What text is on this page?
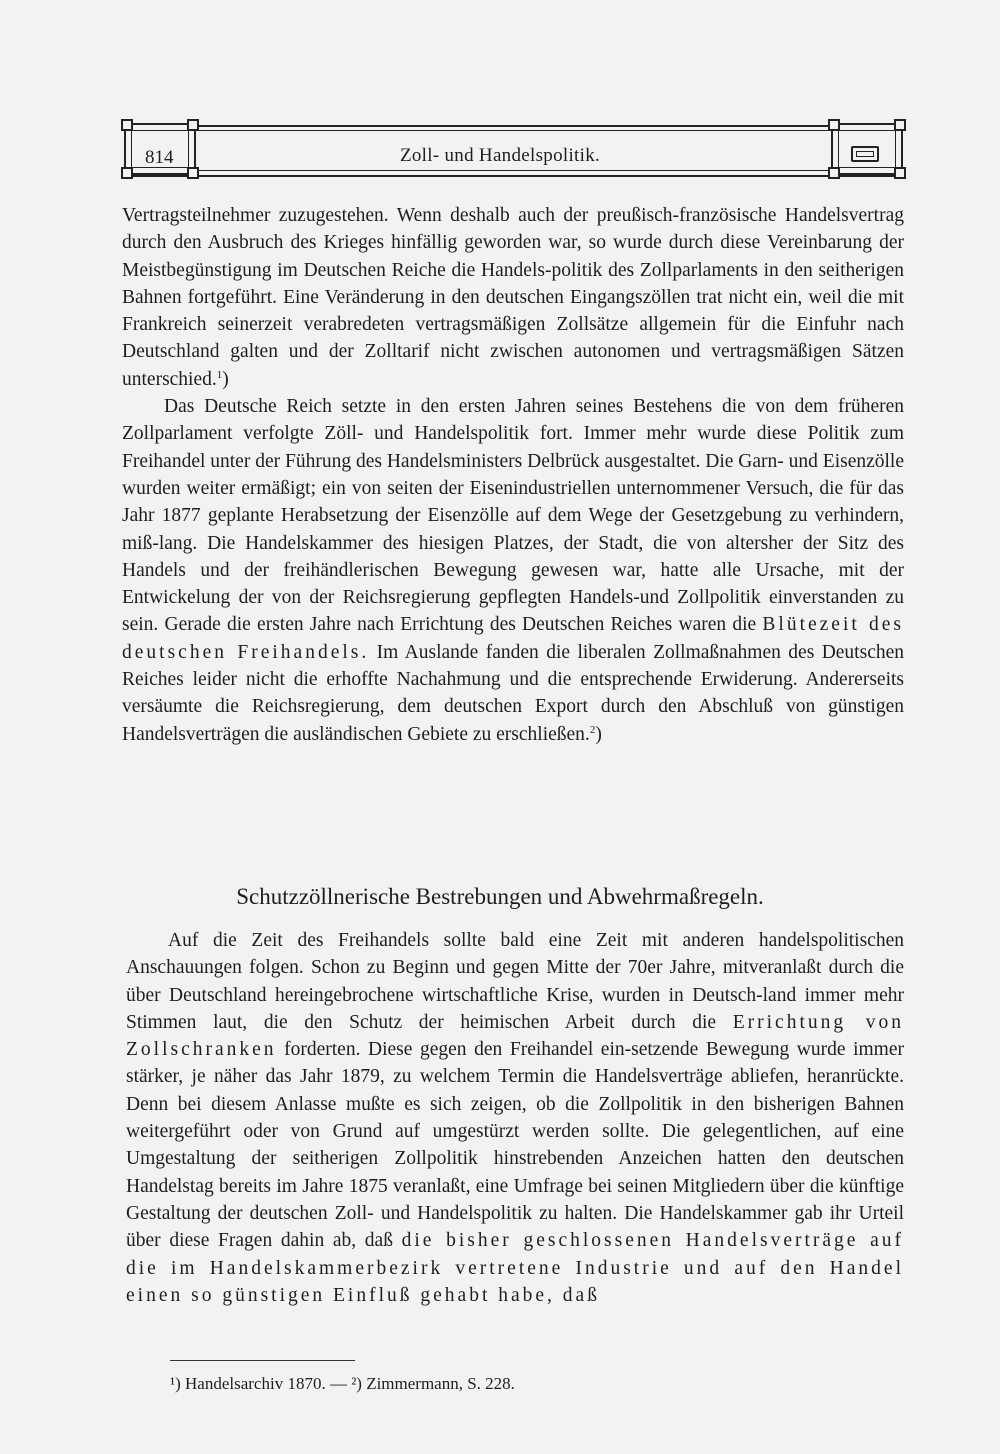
814	Zoll- und Handelspolitik.

Vertragsteilnehmer zuzugestehen. Wenn deshalb auch der preußisch-französische Handelsvertrag durch den Ausbruch des Krieges hinfällig geworden war, so wurde durch diese Vereinbarung der Meistbegünstigung im Deutschen Reiche die Handels-politik des Zollparlaments in den seitherigen Bahnen fortgeführt. Eine Veränderung in den deutschen Eingangszöllen trat nicht ein, weil die mit Frankreich seinerzeit verabredeten vertragsmäßigen Zollsätze allgemein für die Einfuhr nach Deutschland galten und der Zolltarif nicht zwischen autonomen und vertragsmäßigen Sätzen unterschied.$^1$)

Das Deutsche Reich setzte in den ersten Jahren seines Bestehens die von dem früheren Zollparlament verfolgte Zöll- und Handelspolitik fort. Immer mehr wurde diese Politik zum Freihandel unter der Führung des Handelsministers Delbrück ausgestaltet. Die Garn- und Eisenzölle wurden weiter ermäßigt; ein von seiten der Eisenindustriellen unternommener Versuch, die für das Jahr 1877 geplante Herabsetzung der Eisenzölle auf dem Wege der Gesetzgebung zu verhindern, miß-lang. Die Handelskammer des hiesigen Platzes, der Stadt, die von altersher der Sitz des Handels und der freihändlerischen Bewegung gewesen war, hatte alle Ursache, mit der Entwickelung der von der Reichsregierung gepflegten Handels-und Zollpolitik einverstanden zu sein. Gerade die ersten Jahre nach Errichtung des Deutschen Reiches waren die Blütezeit des deutschen Freihandels. Im Auslande fanden die liberalen Zollmaßnahmen des Deutschen Reiches leider nicht die erhoffte Nachahmung und die entsprechende Erwiderung. Andererseits versäumte die Reichsregierung, dem deutschen Export durch den Abschluß von günstigen Handelsverträgen die ausländischen Gebiete zu erschließen.$^2$)

Schutzzöllnerische Bestrebungen und Abwehrmaßregeln.

Auf die Zeit des Freihandels sollte bald eine Zeit mit anderen handelspolitischen Anschauungen folgen. Schon zu Beginn und gegen Mitte der 70er Jahre, mitveranlaßt durch die über Deutschland hereingebrochene wirtschaftliche Krise, wurden in Deutsch-land immer mehr Stimmen laut, die den Schutz der heimischen Arbeit durch die Errichtung von Zollschranken forderten. Diese gegen den Freihandel ein-setzende Bewegung wurde immer stärker, je näher das Jahr 1879, zu welchem Termin die Handelsverträge abliefen, heranrückte. Denn bei diesem Anlasse mußte es sich zeigen, ob die Zollpolitik in den bisherigen Bahnen weitergeführt oder von Grund auf umgestürzt werden sollte. Die gelegentlichen, auf eine Umgestaltung der seitherigen Zollpolitik hinstrebenden Anzeichen hatten den deutschen Handelstag bereits im Jahre 1875 veranlaßt, eine Umfrage bei seinen Mitgliedern über die künftige Gestaltung der deutschen Zoll- und Handelspolitik zu halten. Die Handelskammer gab ihr Urteil über diese Fragen dahin ab, daß die bisher geschlossenen Handelsverträge auf die im Handelskammerbezirk vertretene Industrie und auf den Handel einen so günstigen Einfluß gehabt habe, daß

¹) Handelsarchiv 1870. — ²) Zimmermann, S. 228.
